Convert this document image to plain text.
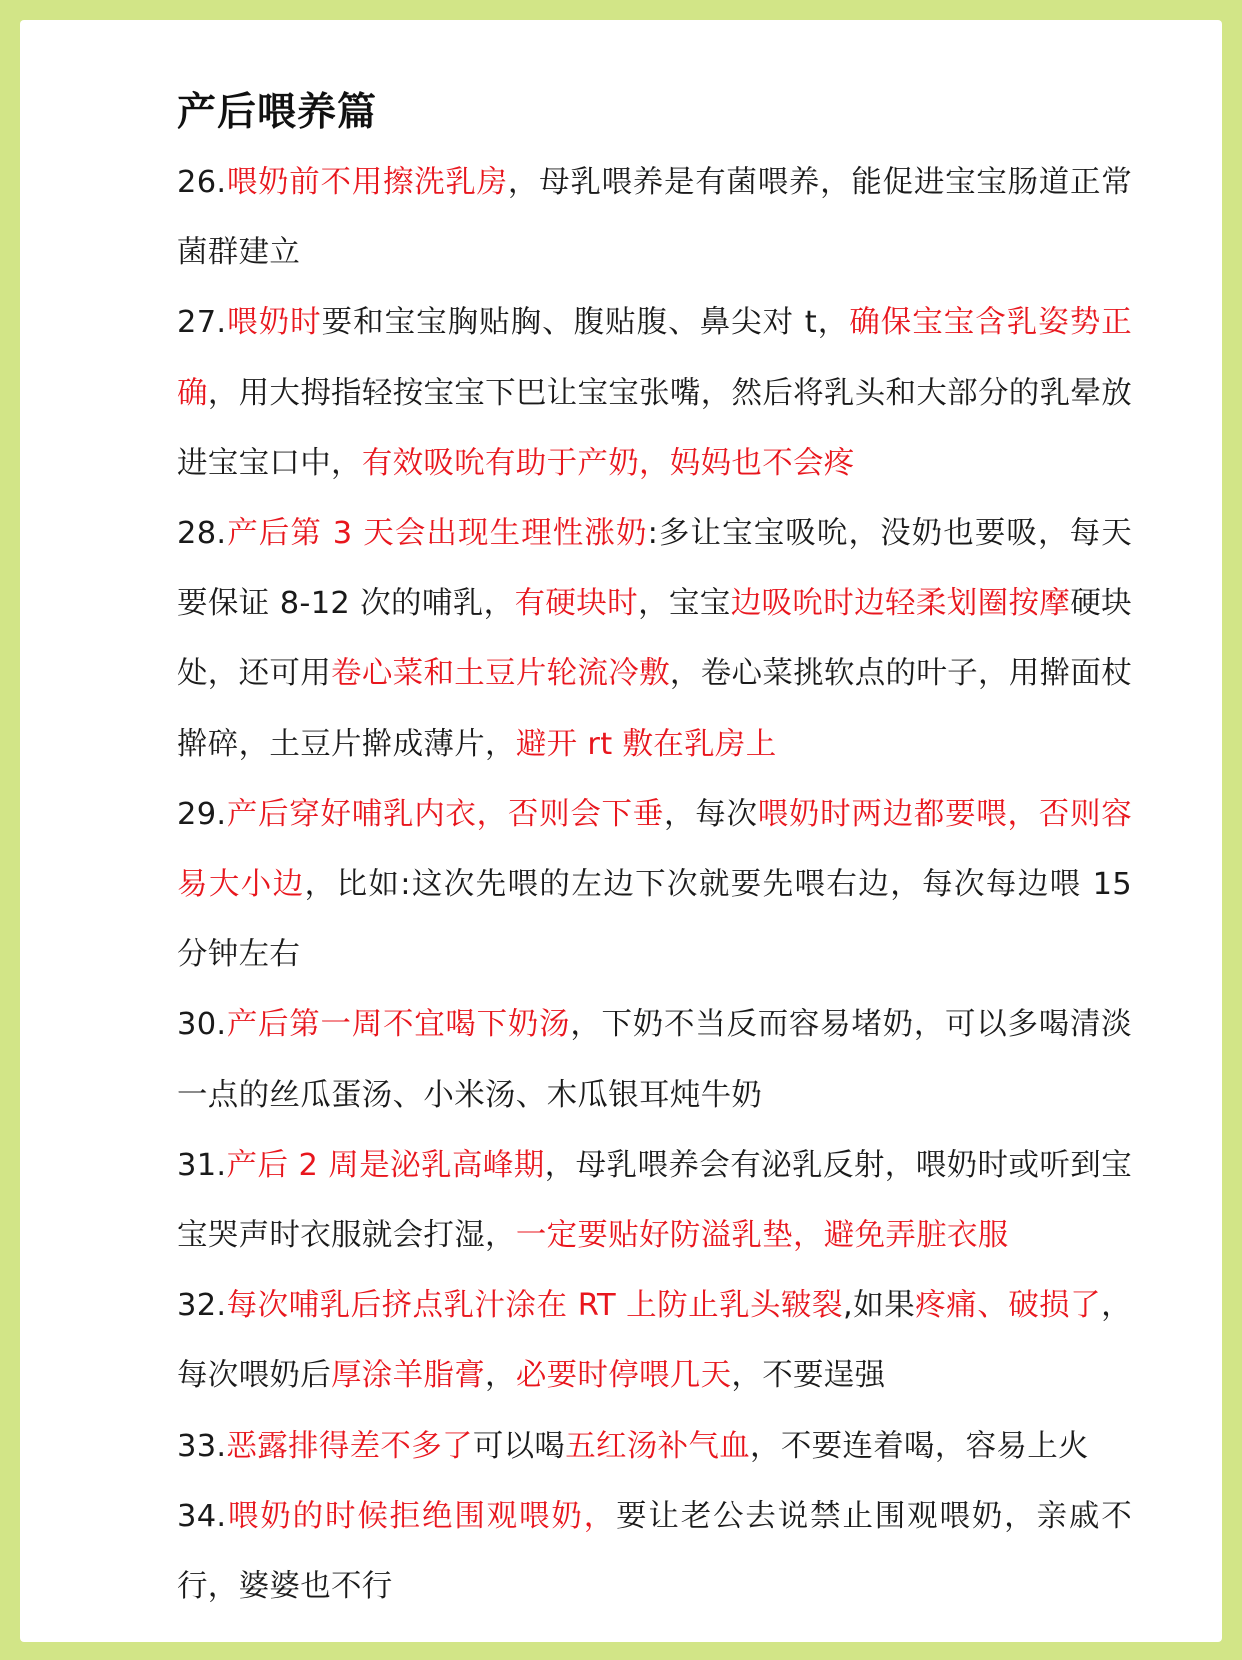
产后喂养篇

26.喂奶前不用擦洗乳房，母乳喂养是有菌喂养，能促进宝宝肠道正常菌群建立

27.喂奶时要和宝宝胸贴胸、腹贴腹、鼻尖对 t，确保宝宝含乳姿势正确，用大拇指轻按宝宝下巴让宝宝张嘴，然后将乳头和大部分的乳晕放进宝宝口中，有效吸吮有助于产奶，妈妈也不会疼

28.产后第 3 天会出现生理性涨奶:多让宝宝吸吮，没奶也要吸，每天要保证 8-12 次的哺乳，有硬块时，宝宝边吸吮时边轻柔划圈按摩硬块处，还可用卷心菜和土豆片轮流冷敷，卷心菜挑软点的叶子，用擀面杖擀碎，土豆片擀成薄片，避开 rt 敷在乳房上

29.产后穿好哺乳内衣，否则会下垂，每次喂奶时两边都要喂，否则容易大小边，比如:这次先喂的左边下次就要先喂右边，每次每边喂 15 分钟左右

30.产后第一周不宜喝下奶汤，下奶不当反而容易堵奶，可以多喝清淡一点的丝瓜蛋汤、小米汤、木瓜银耳炖牛奶

31.产后 2 周是泌乳高峰期，母乳喂养会有泌乳反射，喂奶时或听到宝宝哭声时衣服就会打湿，一定要贴好防溢乳垫，避免弄脏衣服

32.每次哺乳后挤点乳汁涂在 RT 上防止乳头皲裂,如果疼痛、破损了，每次喂奶后厚涂羊脂膏，必要时停喂几天，不要逞强

33.恶露排得差不多了可以喝五红汤补气血，不要连着喝，容易上火

34.喂奶的时候拒绝围观喂奶，要让老公去说禁止围观喂奶，亲戚不行，婆婆也不行
